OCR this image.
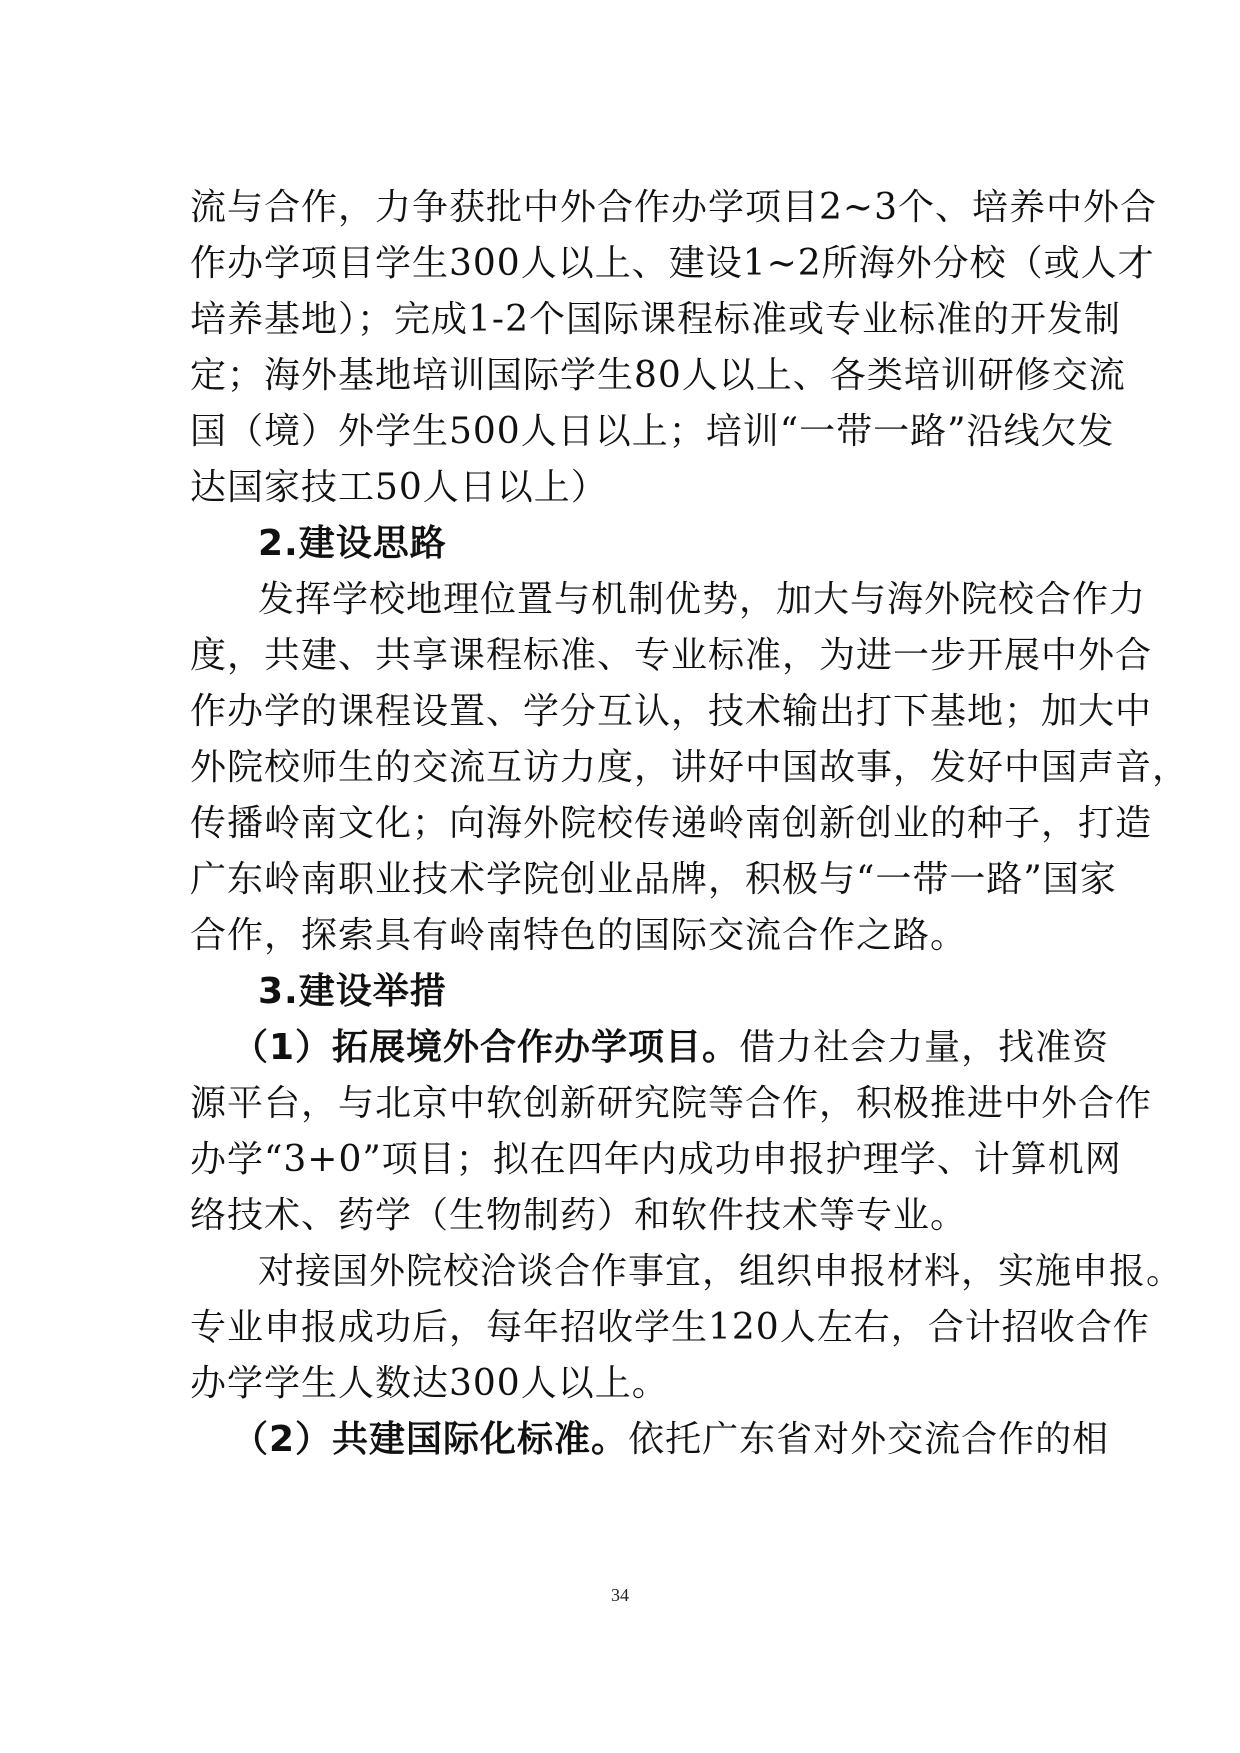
流与合作，力争获批中外合作办学项目2~3个、培养中外合
作办学项目学生300人以上、建设1~2所海外分校（或人才
培养基地）；完成1-2个国际课程标准或专业标准的开发制
定；海外基地培训国际学生80人以上、各类培训研修交流
国（境）外学生500人日以上；培训“一带一路”沿线欠发
达国家技工50人日以上）
2.建设思路
发挥学校地理位置与机制优势，加大与海外院校合作力
度，共建、共享课程标准、专业标准，为进一步开展中外合
作办学的课程设置、学分互认，技术输出打下基地；加大中
外院校师生的交流互访力度，讲好中国故事，发好中国声音，
传播岭南文化；向海外院校传递岭南创新创业的种子，打造
广东岭南职业技术学院创业品牌，积极与“一带一路”国家
合作，探索具有岭南特色的国际交流合作之路。
3.建设举措
（1）拓展境外合作办学项目。借力社会力量，找准资
源平台，与北京中软创新研究院等合作，积极推进中外合作
办学“3+0”项目；拟在四年内成功申报护理学、计算机网
络技术、药学（生物制药）和软件技术等专业。
对接国外院校洽谈合作事宜，组织申报材料，实施申报。
专业申报成功后，每年招收学生120人左右，合计招收合作
办学学生人数达300人以上。
（2）共建国际化标准。依托广东省对外交流合作的相
34
